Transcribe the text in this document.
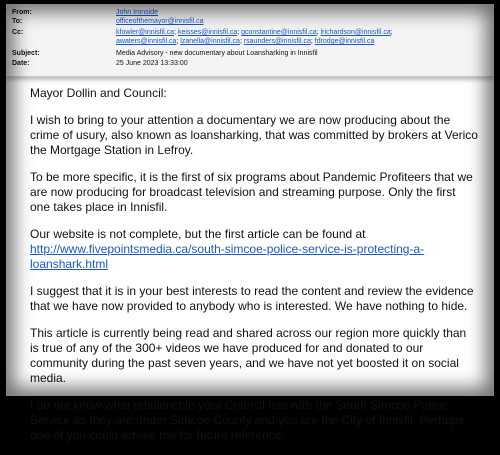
From:	John Ironside
To:	officeofthemayor@innisfil.ca
Cc:	kfowler@innisfil.ca; keisses@innisfil.ca; gconstantine@innisfil.ca; lrichardson@innisfil.ca;
awaters@innisfil.ca; lzanella@innisfil.ca; rsaunders@innisfil.ca; fdrodge@innisfil.ca
Subject:	Media Advisory - new documentary about Loansharking in Innisfil
Date:	25 June 2023 13:33:00

Mayor Dollin and Council:

I wish to bring to your attention a documentary we are now producing about the crime of usury, also known as loansharking, that was committed by brokers at Verico the Mortgage Station in Lefroy.

To be more specific, it is the first of six programs about Pandemic Profiteers that we are now producing for broadcast television and streaming purpose. Only the first one takes place in Innisfil.

Our website is not complete, but the first article can be found at
http://www.fivepointsmedia.ca/south-simcoe-police-service-is-protecting-a-loanshark.html

I suggest that it is in your best interests to read the content and review the evidence that we have now provided to anybody who is interested. We have nothing to hide.

This article is currently being read and shared across our region more quickly than is true of any of the 300+ videos we have produced for and donated to our community during the past seven years, and we have not yet boosted it on social media.

I do not know what relationship your Council has with the South Simcoe Police Service as they are under Simcoe County and you are the City of Innisfil. Perhaps one of you could advise me for future reference.
